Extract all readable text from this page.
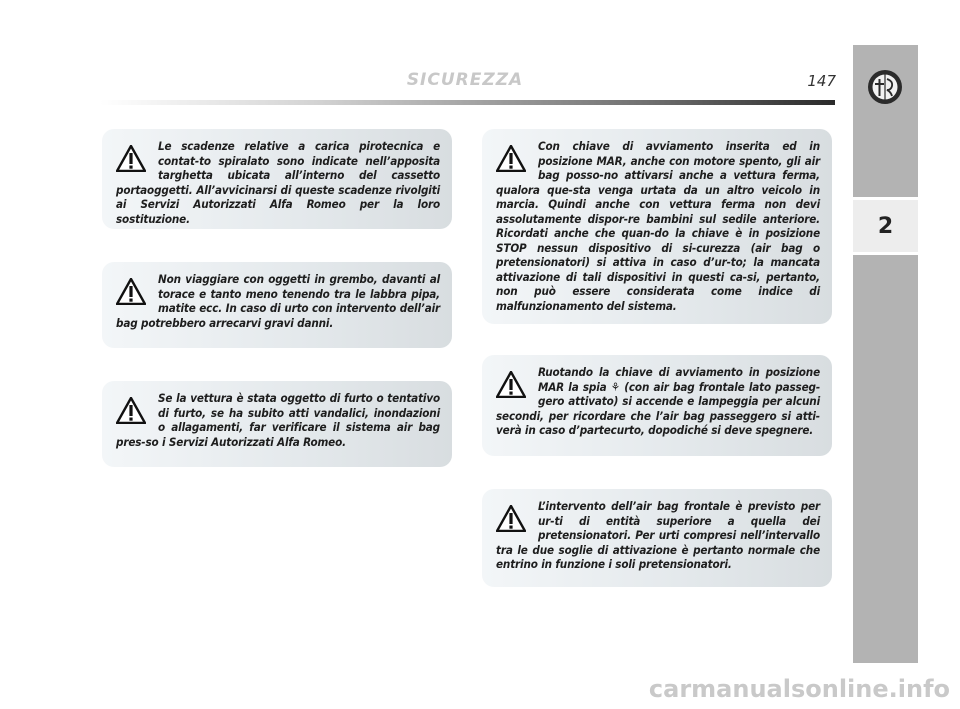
SICUREZZA	147
2

Le scadenze relative a carica pirotecnica e contat-to spiralato sono indicate nell’apposita targhetta ubicata all’interno del cassetto portaoggetti. All’avvicinarsi di queste scadenze rivolgiti ai Servizi Autorizzati Alfa Romeo per la loro sostituzione.

Non viaggiare con oggetti in grembo, davanti al torace e tanto meno tenendo tra le labbra pipa, matite ecc. In caso di urto con intervento dell’air bag potrebbero arrecarvi gravi danni.

Se la vettura è stata oggetto di furto o tentativo di furto, se ha subito atti vandalici, inondazioni o allagamenti, far verificare il sistema air bag pres-so i Servizi Autorizzati Alfa Romeo.

Con chiave di avviamento inserita ed in posizione MAR, anche con motore spento, gli air bag posso-no attivarsi anche a vettura ferma, qualora que-sta venga urtata da un altro veicolo in marcia. Quindi anche con vettura ferma non devi assolutamente dispor-re bambini sul sedile anteriore. Ricordati anche che quan-do la chiave è in posizione STOP nessun dispositivo di si-curezza (air bag o pretensionatori) si attiva in caso d’ur-to; la mancata attivazione di tali dispositivi in questi ca-si, pertanto, non può essere considerata come indice di malfunzionamento del sistema.

Ruotando la chiave di avviamento in posizione MAR la spia ⚘ (con air bag frontale lato passeg-gero attivato) si accende e lampeggia per alcuni secondi, per ricordare che l’air bag passeggero si atti-verà in caso d’partecurto, dopodiché si deve spegnere.

L’intervento dell’air bag frontale è previsto per ur-ti di entità superiore a quella dei pretensionatori. Per urti compresi nell’intervallo tra le due soglie di attivazione è pertanto normale che entrino in funzione i soli pretensionatori.

carmanualsonline.info
